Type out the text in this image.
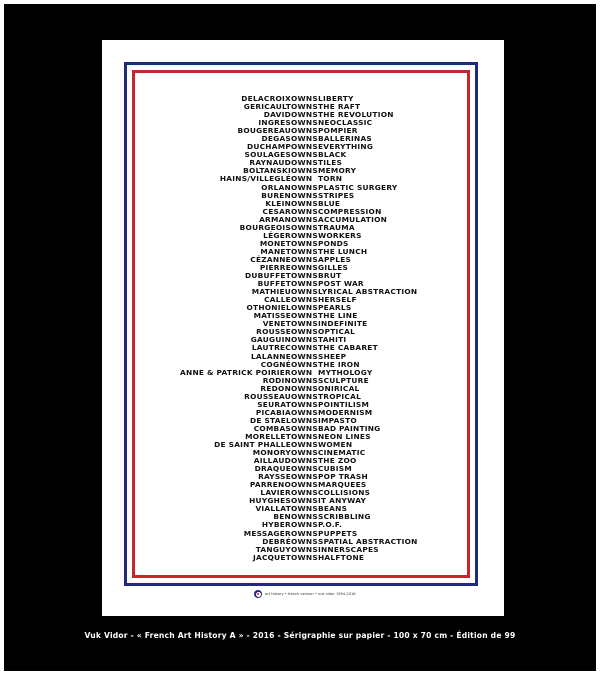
DELACROIX OWNS LIBERTY
GERICAULT OWNS THE RAFT
DAVID OWNS THE REVOLUTION
INGRES OWNS NEOCLASSIC
BOUGEREAU OWNS POMPIER
DEGAS OWNS BALLERINAS
DUCHAMP OWNS EVERYTHING
SOULAGES OWNS BLACK
RAYNAUD OWNS TILES
BOLTANSKI OWNS MEMORY
HAINS/VILLEGLÉ OWN TORN
ORLAN OWNS PLASTIC SURGERY
BUREN OWNS STRIPES
KLEIN OWNS BLUE
CESAR OWNS COMPRESSION
ARMAN OWNS ACCUMULATION
BOURGEOIS OWNS TRAUMA
LÉGER OWNS WORKERS
MONET OWNS PONDS
MANET OWNS THE LUNCH
CÉZANNE OWNS APPLES
PIERRE OWNS GILLES
DUBUFFET OWNS BRUT
BUFFET OWNS POST WAR
MATHIEU OWNS LYRICAL ABSTRACTION
CALLE OWNS HERSELF
OTHONIEL OWNS PEARLS
MATISSE OWNS THE LINE
VENET OWNS INDEFINITE
ROUSSE OWNS OPTICAL
GAUGUIN OWNS TAHITI
LAUTREC OWNS THE CABARET
LALANNE OWNS SHEEP
COGNÉ OWNS THE IRON
ANNE & PATRICK POIRIER OWN MYTHOLOGY
RODIN OWNS SCULPTURE
REDON OWNS ONIRICAL
ROUSSEAU OWNS TROPICAL
SEURAT OWNS POINTILISM
PICABIA OWNS MODERNISM
DE STAEL OWNS IMPASTO
COMBAS OWNS BAD PAINTING
MORELLET OWNS NEON LINES
DE SAINT PHALLE OWNS WOMEN
MONORY OWNS CINEMATIC
AILLAUD OWNS THE ZOO
DRAQUE OWNS CUBISM
RAYSSE OWNS POP TRASH
PARRENO OWNS MARQUEES
LAVIER OWNS COLLISIONS
HUYGHES OWNS IT ANYWAY
VIALLAT OWNS BEANS
BEN OWNS SCRIBBLING
HYBER OWNS P.O.F.
MESSAGER OWNS PUPPETS
DEBRÉ OWNS SPATIAL ABSTRACTION
TANGUY OWNS INNERSCAPES
JACQUET OWNS HALFTONE
art history • french version • vuk vidor 1994-2016
Vuk Vidor - « French Art History A » - 2016 - Sérigraphie sur papier - 100 x 70 cm - Édition de 99
